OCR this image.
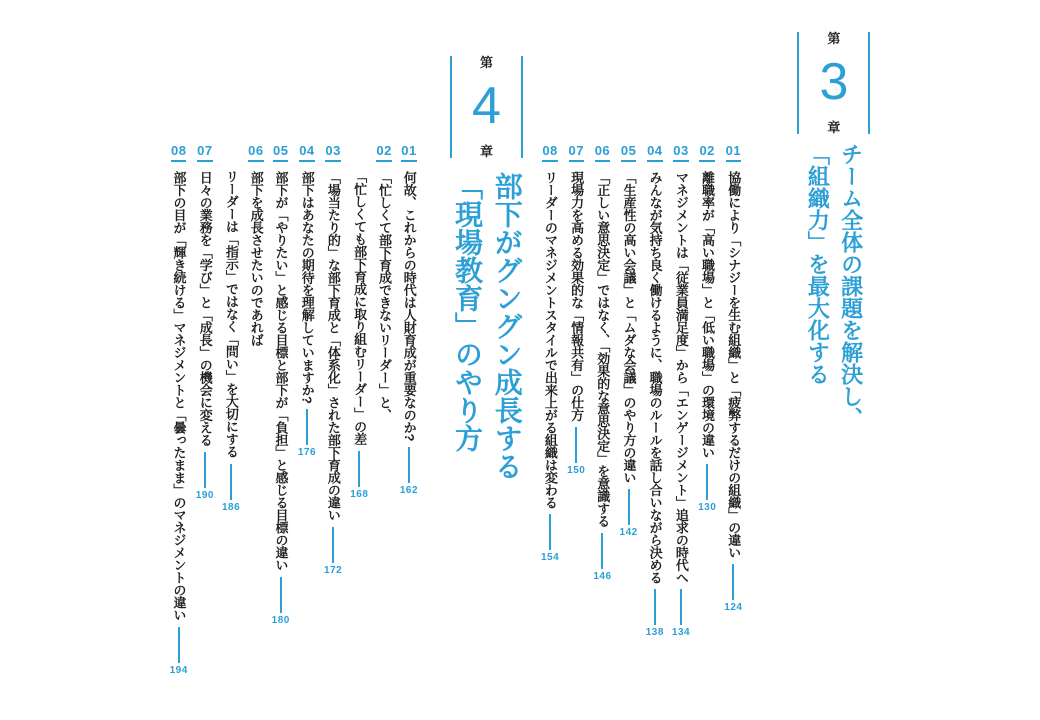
第
3
章
チーム全体の課題を解決し、
「組織力」を最大化する
01
協働により「シナジーを生む組織」と「疲弊するだけの組織」の違い
124
02
離職率が「高い職場」と「低い職場」の環境の違い
130
03
マネジメントは「従業員満足度」から「エンゲージメント」追求の時代へ
134
04
みんなが気持ち良く働けるように、職場のルールを話し合いながら決める
138
05
「生産性の高い会議」と「ムダな会議」のやり方の違い
142
06
「正しい意思決定」ではなく、「効果的な意思決定」を意識する
146
07
現場力を高める効果的な「情報共有」の仕方
150
08
リーダーのマネジメントスタイルで出来上がる組織は変わる
154
第
4
章
部下がグングン成長する
「現場教育」のやり方
01
何故、これからの時代は人財育成が重要なのか?
162
02
「忙しくて部下育成できないリーダー」と、
「忙しくても部下育成に取り組むリーダー」の差
168
03
「場当たり的」な部下育成と「体系化」された部下育成の違い
172
04
部下はあなたの期待を理解していますか?
176
05
部下が「やりたい」と感じる目標と部下が「負担」と感じる目標の違い
180
06
部下を成長させたいのであれば
リーダーは「指示」ではなく「問い」を大切にする
186
07
日々の業務を「学び」と「成長」の機会に変える
190
08
部下の目が「輝き続ける」マネジメントと「曇ったまま」のマネジメントの違い
194
